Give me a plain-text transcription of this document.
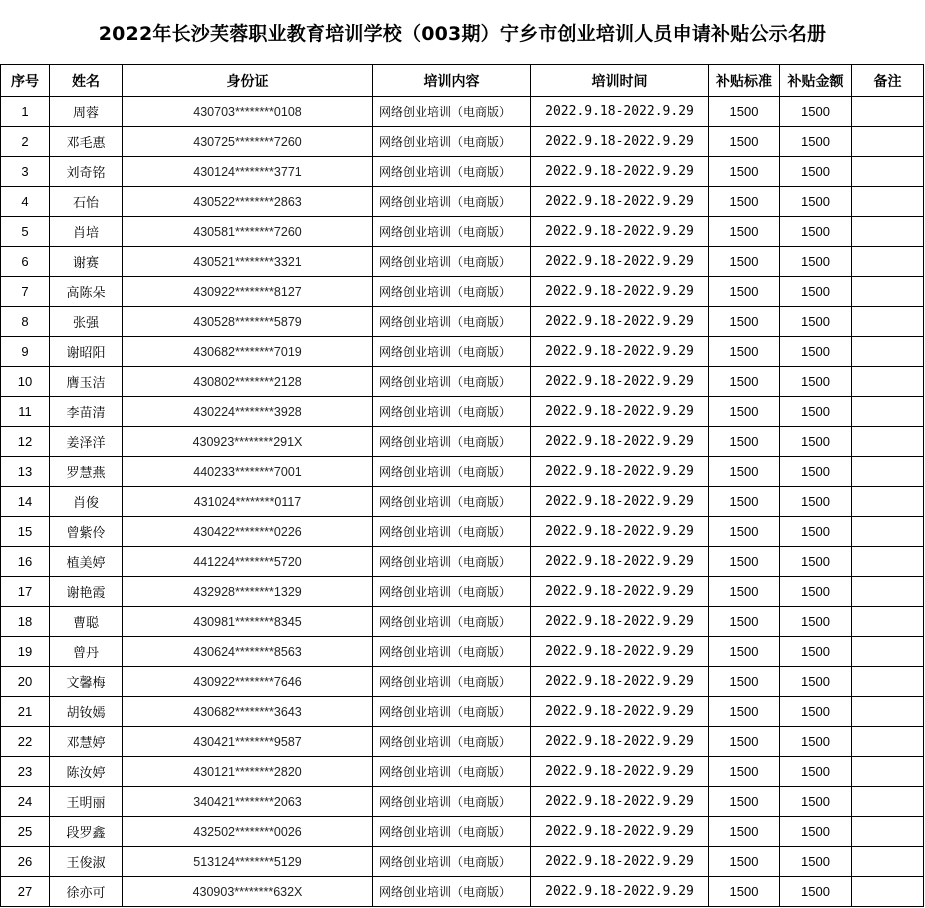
2022年长沙芙蓉职业教育培训学校（003期）宁乡市创业培训人员申请补贴公示名册
序号	姓名	身份证	培训内容	培训时间	补贴标准	补贴金额	备注
1	周蓉	430703********0108	网络创业培训（电商版）	2022.9.18-2022.9.29	1500	1500	
2	邓毛惠	430725********7260	网络创业培训（电商版）	2022.9.18-2022.9.29	1500	1500	
3	刘奇铭	430124********3771	网络创业培训（电商版）	2022.9.18-2022.9.29	1500	1500	
4	石怡	430522********2863	网络创业培训（电商版）	2022.9.18-2022.9.29	1500	1500	
5	肖培	430581********7260	网络创业培训（电商版）	2022.9.18-2022.9.29	1500	1500	
6	谢赛	430521********3321	网络创业培训（电商版）	2022.9.18-2022.9.29	1500	1500	
7	高陈朵	430922********8127	网络创业培训（电商版）	2022.9.18-2022.9.29	1500	1500	
8	张强	430528********5879	网络创业培训（电商版）	2022.9.18-2022.9.29	1500	1500	
9	谢昭阳	430682********7019	网络创业培训（电商版）	2022.9.18-2022.9.29	1500	1500	
10	膺玉洁	430802********2128	网络创业培训（电商版）	2022.9.18-2022.9.29	1500	1500	
11	李苗清	430224********3928	网络创业培训（电商版）	2022.9.18-2022.9.29	1500	1500	
12	姜泽洋	430923********291X	网络创业培训（电商版）	2022.9.18-2022.9.29	1500	1500	
13	罗慧燕	440233********7001	网络创业培训（电商版）	2022.9.18-2022.9.29	1500	1500	
14	肖俊	431024********0117	网络创业培训（电商版）	2022.9.18-2022.9.29	1500	1500	
15	曾紫伶	430422********0226	网络创业培训（电商版）	2022.9.18-2022.9.29	1500	1500	
16	植美婷	441224********5720	网络创业培训（电商版）	2022.9.18-2022.9.29	1500	1500	
17	谢艳霞	432928********1329	网络创业培训（电商版）	2022.9.18-2022.9.29	1500	1500	
18	曹聪	430981********8345	网络创业培训（电商版）	2022.9.18-2022.9.29	1500	1500	
19	曾丹	430624********8563	网络创业培训（电商版）	2022.9.18-2022.9.29	1500	1500	
20	文馨梅	430922********7646	网络创业培训（电商版）	2022.9.18-2022.9.29	1500	1500	
21	胡钕嫣	430682********3643	网络创业培训（电商版）	2022.9.18-2022.9.29	1500	1500	
22	邓慧婷	430421********9587	网络创业培训（电商版）	2022.9.18-2022.9.29	1500	1500	
23	陈汝婷	430121********2820	网络创业培训（电商版）	2022.9.18-2022.9.29	1500	1500	
24	王明丽	340421********2063	网络创业培训（电商版）	2022.9.18-2022.9.29	1500	1500	
25	段罗鑫	432502********0026	网络创业培训（电商版）	2022.9.18-2022.9.29	1500	1500	
26	王俊淑	513124********5129	网络创业培训（电商版）	2022.9.18-2022.9.29	1500	1500	
27	徐亦可	430903********632X	网络创业培训（电商版）	2022.9.18-2022.9.29	1500	1500	
